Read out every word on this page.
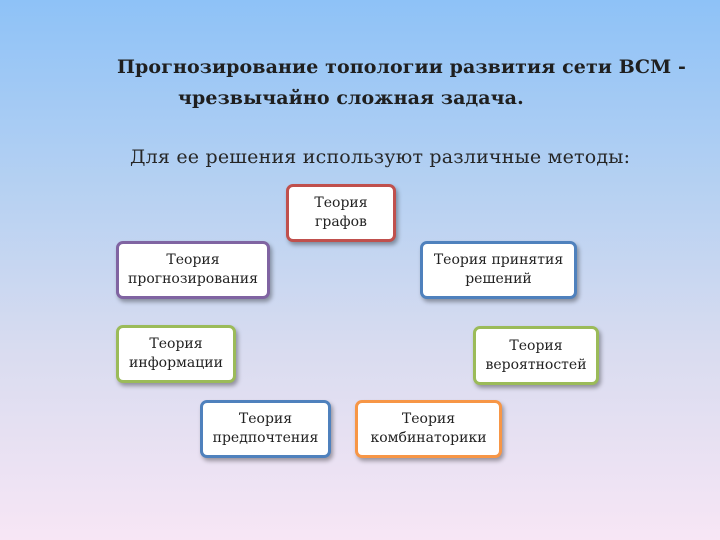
Прогнозирование топологии развития сети ВСМ -
чрезвычайно сложная задача.
Для ее решения используют различные методы:
Теория
графов
Теория
прогнозирования
Теория принятия
решений
Теория
информации
Теория
вероятностей
Теория
предпочтения
Теория
комбинаторики
